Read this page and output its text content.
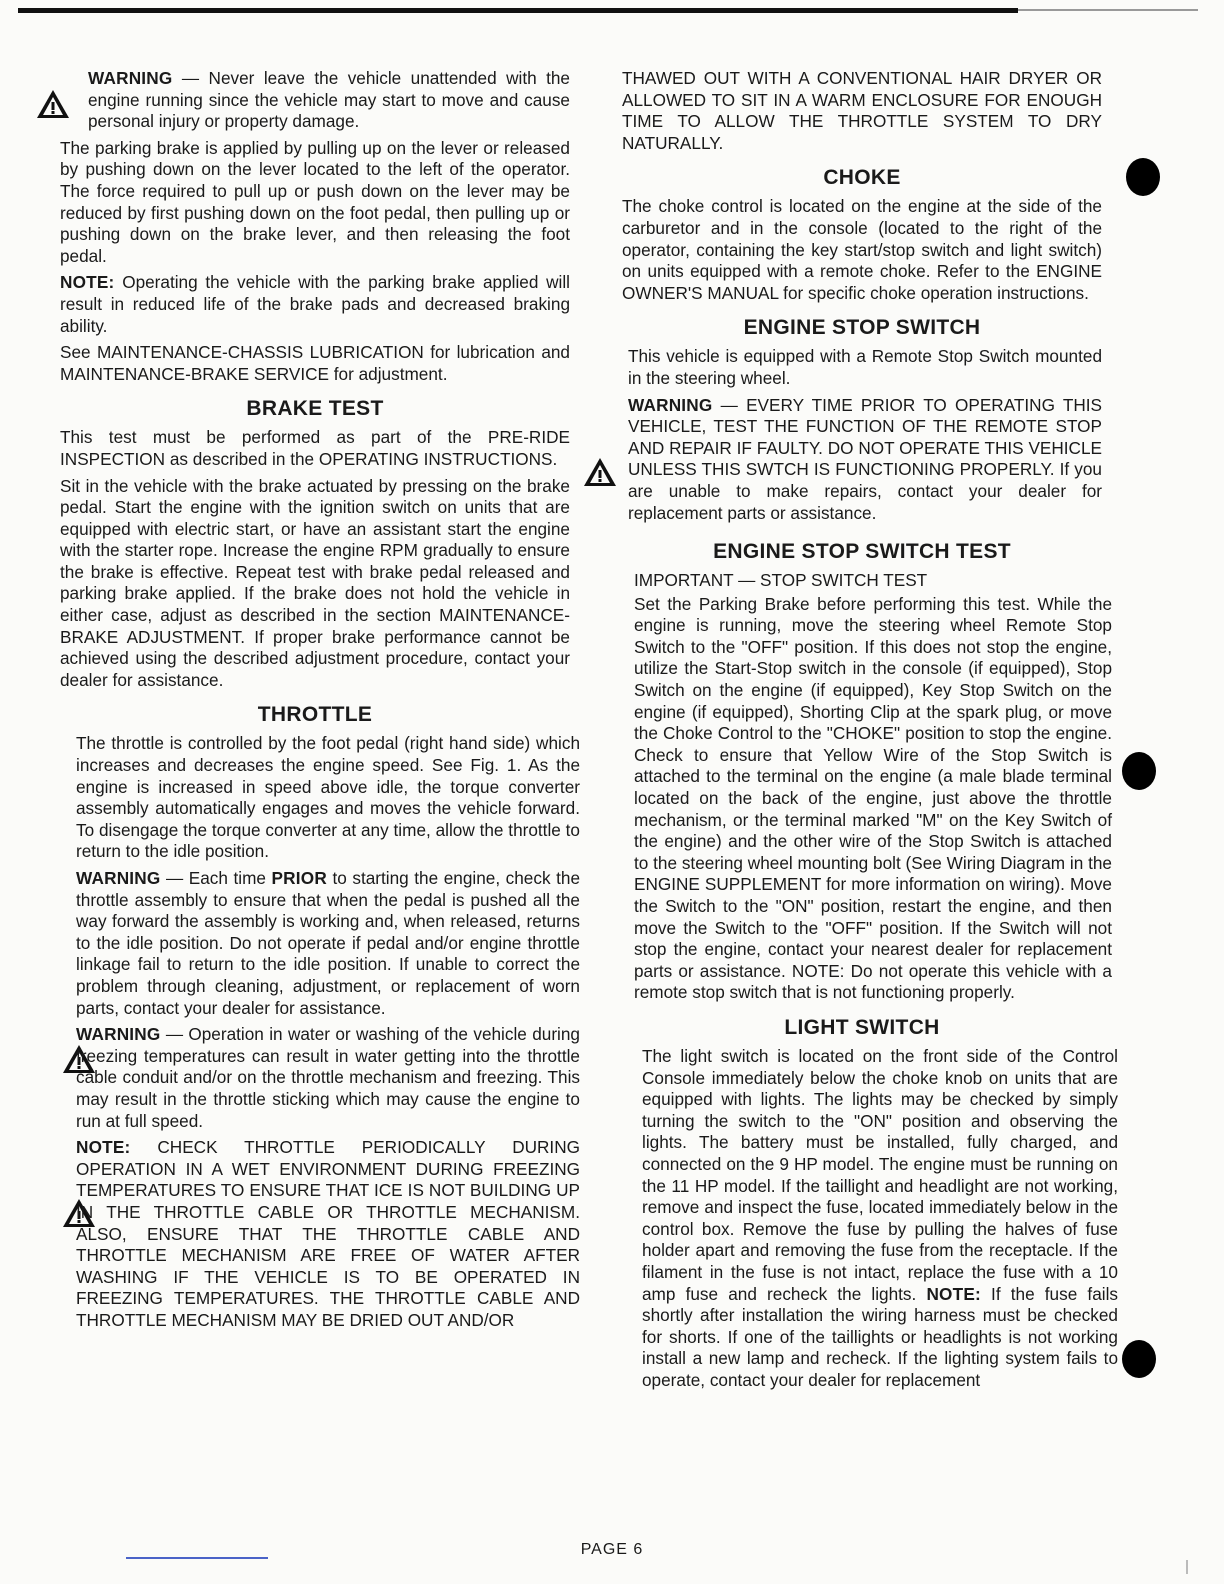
WARNING — Never leave the vehicle unattended with the engine running since the vehicle may start to move and cause personal injury or property damage.

The parking brake is applied by pulling up on the lever or released by pushing down on the lever located to the left of the operator. The force required to pull up or push down on the lever may be reduced by first pushing down on the foot pedal, then pulling up or pushing down on the brake lever, and then releasing the foot pedal.

NOTE: Operating the vehicle with the parking brake applied will result in reduced life of the brake pads and decreased braking ability.

See MAINTENANCE-CHASSIS LUBRICATION for lubrication and MAINTENANCE-BRAKE SERVICE for adjustment.

BRAKE TEST

This test must be performed as part of the PRE-RIDE INSPECTION as described in the OPERATING INSTRUCTIONS.

Sit in the vehicle with the brake actuated by pressing on the brake pedal. Start the engine with the ignition switch on units that are equipped with electric start, or have an assistant start the engine with the starter rope. Increase the engine RPM gradually to ensure the brake is effective. Repeat test with brake pedal released and parking brake applied. If the brake does not hold the vehicle in either case, adjust as described in the section MAINTENANCE-BRAKE ADJUSTMENT. If proper brake performance cannot be achieved using the described adjustment procedure, contact your dealer for assistance.

THROTTLE

The throttle is controlled by the foot pedal (right hand side) which increases and decreases the engine speed. See Fig. 1. As the engine is increased in speed above idle, the torque converter assembly automatically engages and moves the vehicle forward. To disengage the torque converter at any time, allow the throttle to return to the idle position.

WARNING — Each time PRIOR to starting the engine, check the throttle assembly to ensure that when the pedal is pushed all the way forward the assembly is working and, when released, returns to the idle position. Do not operate if pedal and/or engine throttle linkage fail to return to the idle position. If unable to correct the problem through cleaning, adjustment, or replacement of worn parts, contact your dealer for assistance.

WARNING — Operation in water or washing of the vehicle during freezing temperatures can result in water getting into the throttle cable conduit and/or on the throttle mechanism and freezing. This may result in the throttle sticking which may cause the engine to run at full speed.

NOTE: CHECK THROTTLE PERIODICALLY DURING OPERATION IN A WET ENVIRONMENT DURING FREEZING TEMPERATURES TO ENSURE THAT ICE IS NOT BUILDING UP IN THE THROTTLE CABLE OR THROTTLE MECHANISM. ALSO, ENSURE THAT THE THROTTLE CABLE AND THROTTLE MECHANISM ARE FREE OF WATER AFTER WASHING IF THE VEHICLE IS TO BE OPERATED IN FREEZING TEMPERATURES. THE THROTTLE CABLE AND THROTTLE MECHANISM MAY BE DRIED OUT AND/OR

THAWED OUT WITH A CONVENTIONAL HAIR DRYER OR ALLOWED TO SIT IN A WARM ENCLOSURE FOR ENOUGH TIME TO ALLOW THE THROTTLE SYSTEM TO DRY NATURALLY.

CHOKE

The choke control is located on the engine at the side of the carburetor and in the console (located to the right of the operator, containing the key start/stop switch and light switch) on units equipped with a remote choke. Refer to the ENGINE OWNER'S MANUAL for specific choke operation instructions.

ENGINE STOP SWITCH

This vehicle is equipped with a Remote Stop Switch mounted in the steering wheel.

WARNING — EVERY TIME PRIOR TO OPERATING THIS VEHICLE, TEST THE FUNCTION OF THE REMOTE STOP AND REPAIR IF FAULTY. DO NOT OPERATE THIS VEHICLE UNLESS THIS SWTCH IS FUNCTIONING PROPERLY. If you are unable to make repairs, contact your dealer for replacement parts or assistance.

ENGINE STOP SWITCH TEST

IMPORTANT — STOP SWITCH TEST

Set the Parking Brake before performing this test. While the engine is running, move the steering wheel Remote Stop Switch to the "OFF" position. If this does not stop the engine, utilize the Start-Stop switch in the console (if equipped), Stop Switch on the engine (if equipped), Key Stop Switch on the engine (if equipped), Shorting Clip at the spark plug, or move the Choke Control to the "CHOKE" position to stop the engine. Check to ensure that Yellow Wire of the Stop Switch is attached to the terminal on the engine (a male blade terminal located on the back of the engine, just above the throttle mechanism, or the terminal marked "M" on the Key Switch of the engine) and the other wire of the Stop Switch is attached to the steering wheel mounting bolt (See Wiring Diagram in the ENGINE SUPPLEMENT for more information on wiring). Move the Switch to the "ON" position, restart the engine, and then move the Switch to the "OFF" position. If the Switch will not stop the engine, contact your nearest dealer for replacement parts or assistance. NOTE: Do not operate this vehicle with a remote stop switch that is not functioning properly.

LIGHT SWITCH

The light switch is located on the front side of the Control Console immediately below the choke knob on units that are equipped with lights. The lights may be checked by simply turning the switch to the "ON" position and observing the lights. The battery must be installed, fully charged, and connected on the 9 HP model. The engine must be running on the 11 HP model. If the taillight and headlight are not working, remove and inspect the fuse, located immediately below in the control box. Remove the fuse by pulling the halves of fuse holder apart and removing the fuse from the receptacle. If the filament in the fuse is not intact, replace the fuse with a 10 amp fuse and recheck the lights. NOTE: If the fuse fails shortly after installation the wiring harness must be checked for shorts. If one of the taillights or headlights is not working install a new lamp and recheck. If the lighting system fails to operate, contact your dealer for replacement

PAGE 6
